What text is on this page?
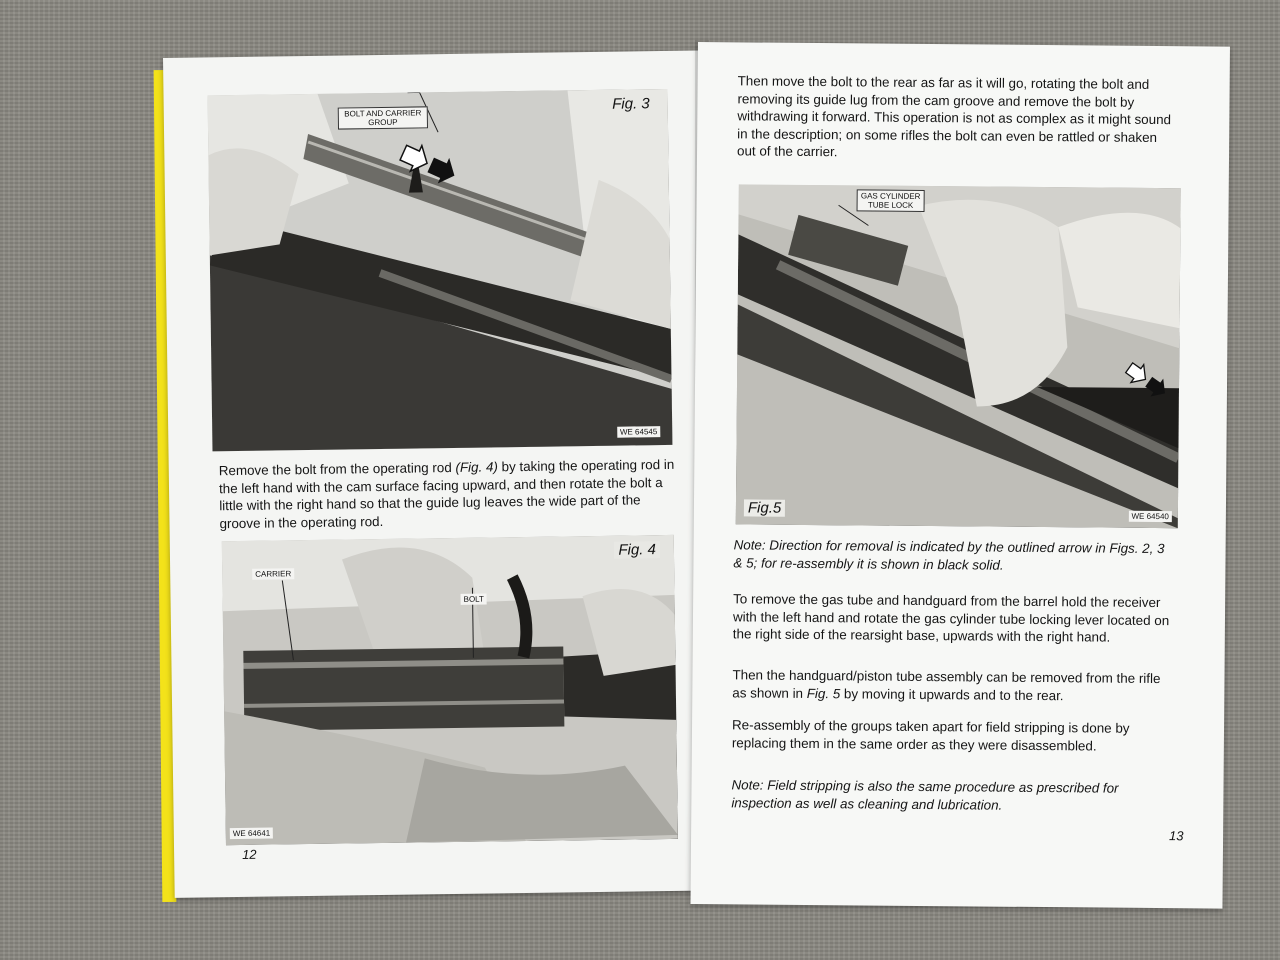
BOLT AND CARRIER GROUP
Fig. 3
WE 64545

Remove the bolt from the operating rod (Fig. 4) by taking the operating rod in the left hand with the cam surface facing upward, and then rotate the bolt a little with the right hand so that the guide lug leaves the wide part of the groove in the operating rod.

CARRIER
BOLT
Fig. 4
WE 64641
12

Then move the bolt to the rear as far as it will go, rotating the bolt and removing its guide lug from the cam groove and remove the bolt by withdrawing it forward. This operation is not as complex as it might sound in the description; on some rifles the bolt can even be rattled or shaken out of the carrier.

GAS CYLINDER TUBE LOCK
Fig.5	WE 64540

Note: Direction for removal is indicated by the outlined arrow in Figs. 2, 3 & 5; for re-assembly it is shown in black solid.

To remove the gas tube and handguard from the barrel hold the receiver with the left hand and rotate the gas cylinder tube locking lever located on the right side of the rearsight base, upwards with the right hand.

Then the handguard/piston tube assembly can be removed from the rifle as shown in Fig. 5 by moving it upwards and to the rear.

Re-assembly of the groups taken apart for field stripping is done by replacing them in the same order as they were disassembled.

Note: Field stripping is also the same procedure as prescribed for inspection as well as cleaning and lubrication.

13
